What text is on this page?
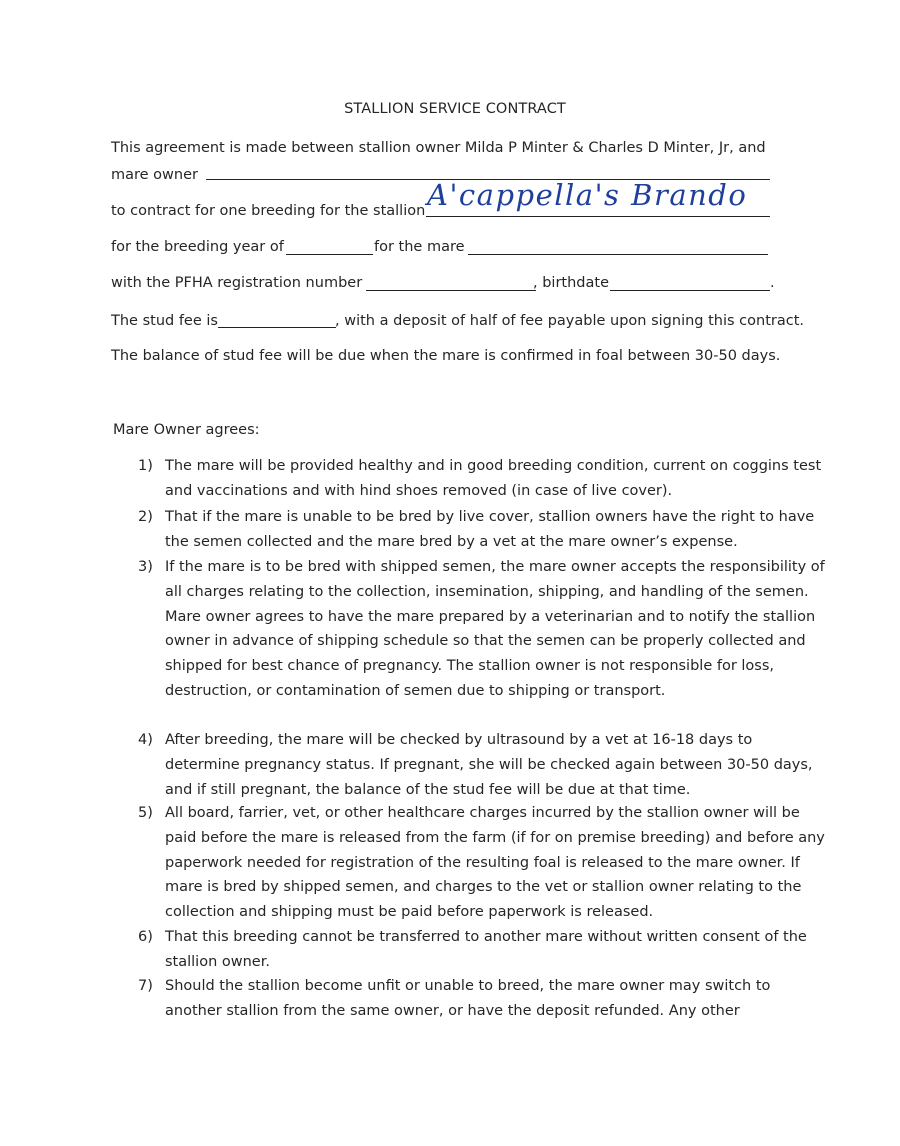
STALLION SERVICE CONTRACT
This agreement is made between stallion owner Milda P Minter & Charles D Minter, Jr, and
mare owner
to contract for one breeding for the stallion A'cappella's Brando
for the breeding year of	for the mare
with the PFHA registration number	, birthdate	.
The stud fee is	, with a deposit of half of fee payable upon signing this contract.
The balance of stud fee will be due when the mare is confirmed in foal between 30-50 days.
Mare Owner agrees:
1) The mare will be provided healthy and in good breeding condition, current on coggins test and vaccinations and with hind shoes removed (in case of live cover).
2) That if the mare is unable to be bred by live cover, stallion owners have the right to have the semen collected and the mare bred by a vet at the mare owner’s expense.
3) If the mare is to be bred with shipped semen, the mare owner accepts the responsibility of all charges relating to the collection, insemination, shipping, and handling of the semen. Mare owner agrees to have the mare prepared by a veterinarian and to notify the stallion owner in advance of shipping schedule so that the semen can be properly collected and shipped for best chance of pregnancy. The stallion owner is not responsible for loss, destruction, or contamination of semen due to shipping or transport.
4) After breeding, the mare will be checked by ultrasound by a vet at 16-18 days to determine pregnancy status. If pregnant, she will be checked again between 30-50 days, and if still pregnant, the balance of the stud fee will be due at that time.
5) All board, farrier, vet, or other healthcare charges incurred by the stallion owner will be paid before the mare is released from the farm (if for on premise breeding) and before any paperwork needed for registration of the resulting foal is released to the mare owner. If mare is bred by shipped semen, and charges to the vet or stallion owner relating to the collection and shipping must be paid before paperwork is released.
6) That this breeding cannot be transferred to another mare without written consent of the stallion owner.
7) Should the stallion become unfit or unable to breed, the mare owner may switch to another stallion from the same owner, or have the deposit refunded. Any other
